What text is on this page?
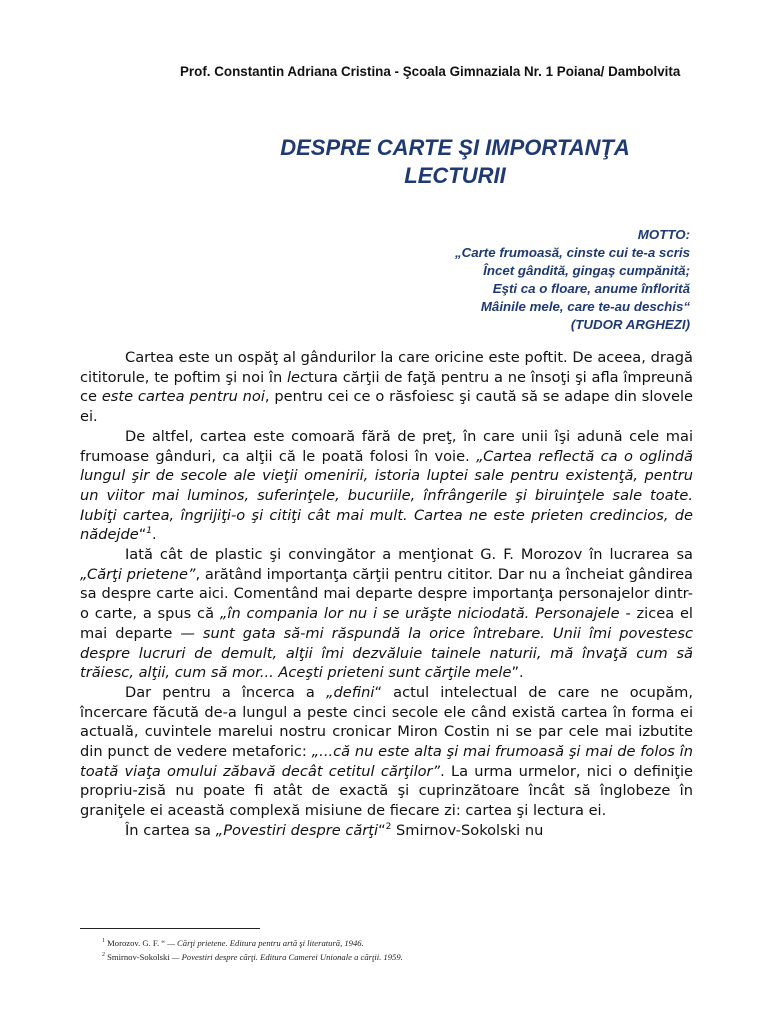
Prof. Constantin Adriana Cristina - Şcoala Gimnaziala Nr. 1 Poiana/ Dambolvita
DESPRE CARTE ŞI IMPORTANŢA
LECTURII
MOTTO:
„Carte frumoasă, cinste cui te-a scris
Încet gândită, gingaş cumpănită;
Eşti ca o floare, anume înflorită
Mâinile mele, care te-au deschis“
(TUDOR ARGHEZI)

Cartea este un ospăţ al gândurilor la care oricine este poftit. De aceea, dragă cititorule, te poftim şi noi în lectura cărţii de faţă pentru a ne însoţi şi afla împreună ce este cartea pentru noi, pentru cei ce o răsfoiesc şi caută să se adape din slovele ei.

De altfel, cartea este comoară fără de preţ, în care unii îşi adună cele mai frumoase gânduri, ca alţii că le poată folosi în voie. „Cartea reflectă ca o oglindă lungul şir de secole ale vieţii omenirii, istoria luptei sale pentru existenţă, pentru un viitor mai luminos, suferinţele, bucuriile, înfrângerile şi biruinţele sale toate. Iubiţi cartea, îngrijiţi-o şi citiţi cât mai mult. Cartea ne este prieten credincios, de nădejde“$^1$.

Iată cât de plastic şi convingător a menţionat G. F. Morozov în lucrarea sa „Cărţi prietene”, arătând importanţa cărţii pentru cititor. Dar nu a încheiat gândirea sa despre carte aici. Comentând mai departe despre importanţa personajelor dintr-o carte, a spus că „în compania lor nu i se urăşte niciodată. Personajele - zicea el mai departe — sunt gata să-mi răspundă la orice întrebare. Unii îmi povestesc despre lucruri de demult, alţii îmi dezvăluie tainele naturii, mă învaţă cum să trăiesc, alţii, cum să mor... Aceşti prieteni sunt cărţile mele”.

Dar pentru a încerca a „defini“ actul intelectual de care ne ocupăm, încercare făcută de-a lungul a peste cinci secole ele când există cartea în forma ei actuală, cuvintele marelui nostru cronicar Miron Costin ni se par cele mai izbutite din punct de vedere metaforic: „...că nu este alta şi mai frumoasă şi mai de folos în toată viaţa omului zăbavă decât cetitul cărţilor”. La urma urmelor, nici o definiţie propriu-zisă nu poate fi atât de exactă şi cuprinzătoare încât să înglobeze în graniţele ei această complexă misiune de fiecare zi: cartea şi lectura ei.

În cartea sa „Povestiri despre cărţi“$^2$ Smirnov-Sokolski nu

$^1$ Morozov. G. F. “ — Cărţi prietene. Editura pentru artă şi literatură, 1946.
$^2$ Smirnov-Sokolski — Povestiri despre cărţi. Editura Camerei Unionale a cărţii. 1959.
